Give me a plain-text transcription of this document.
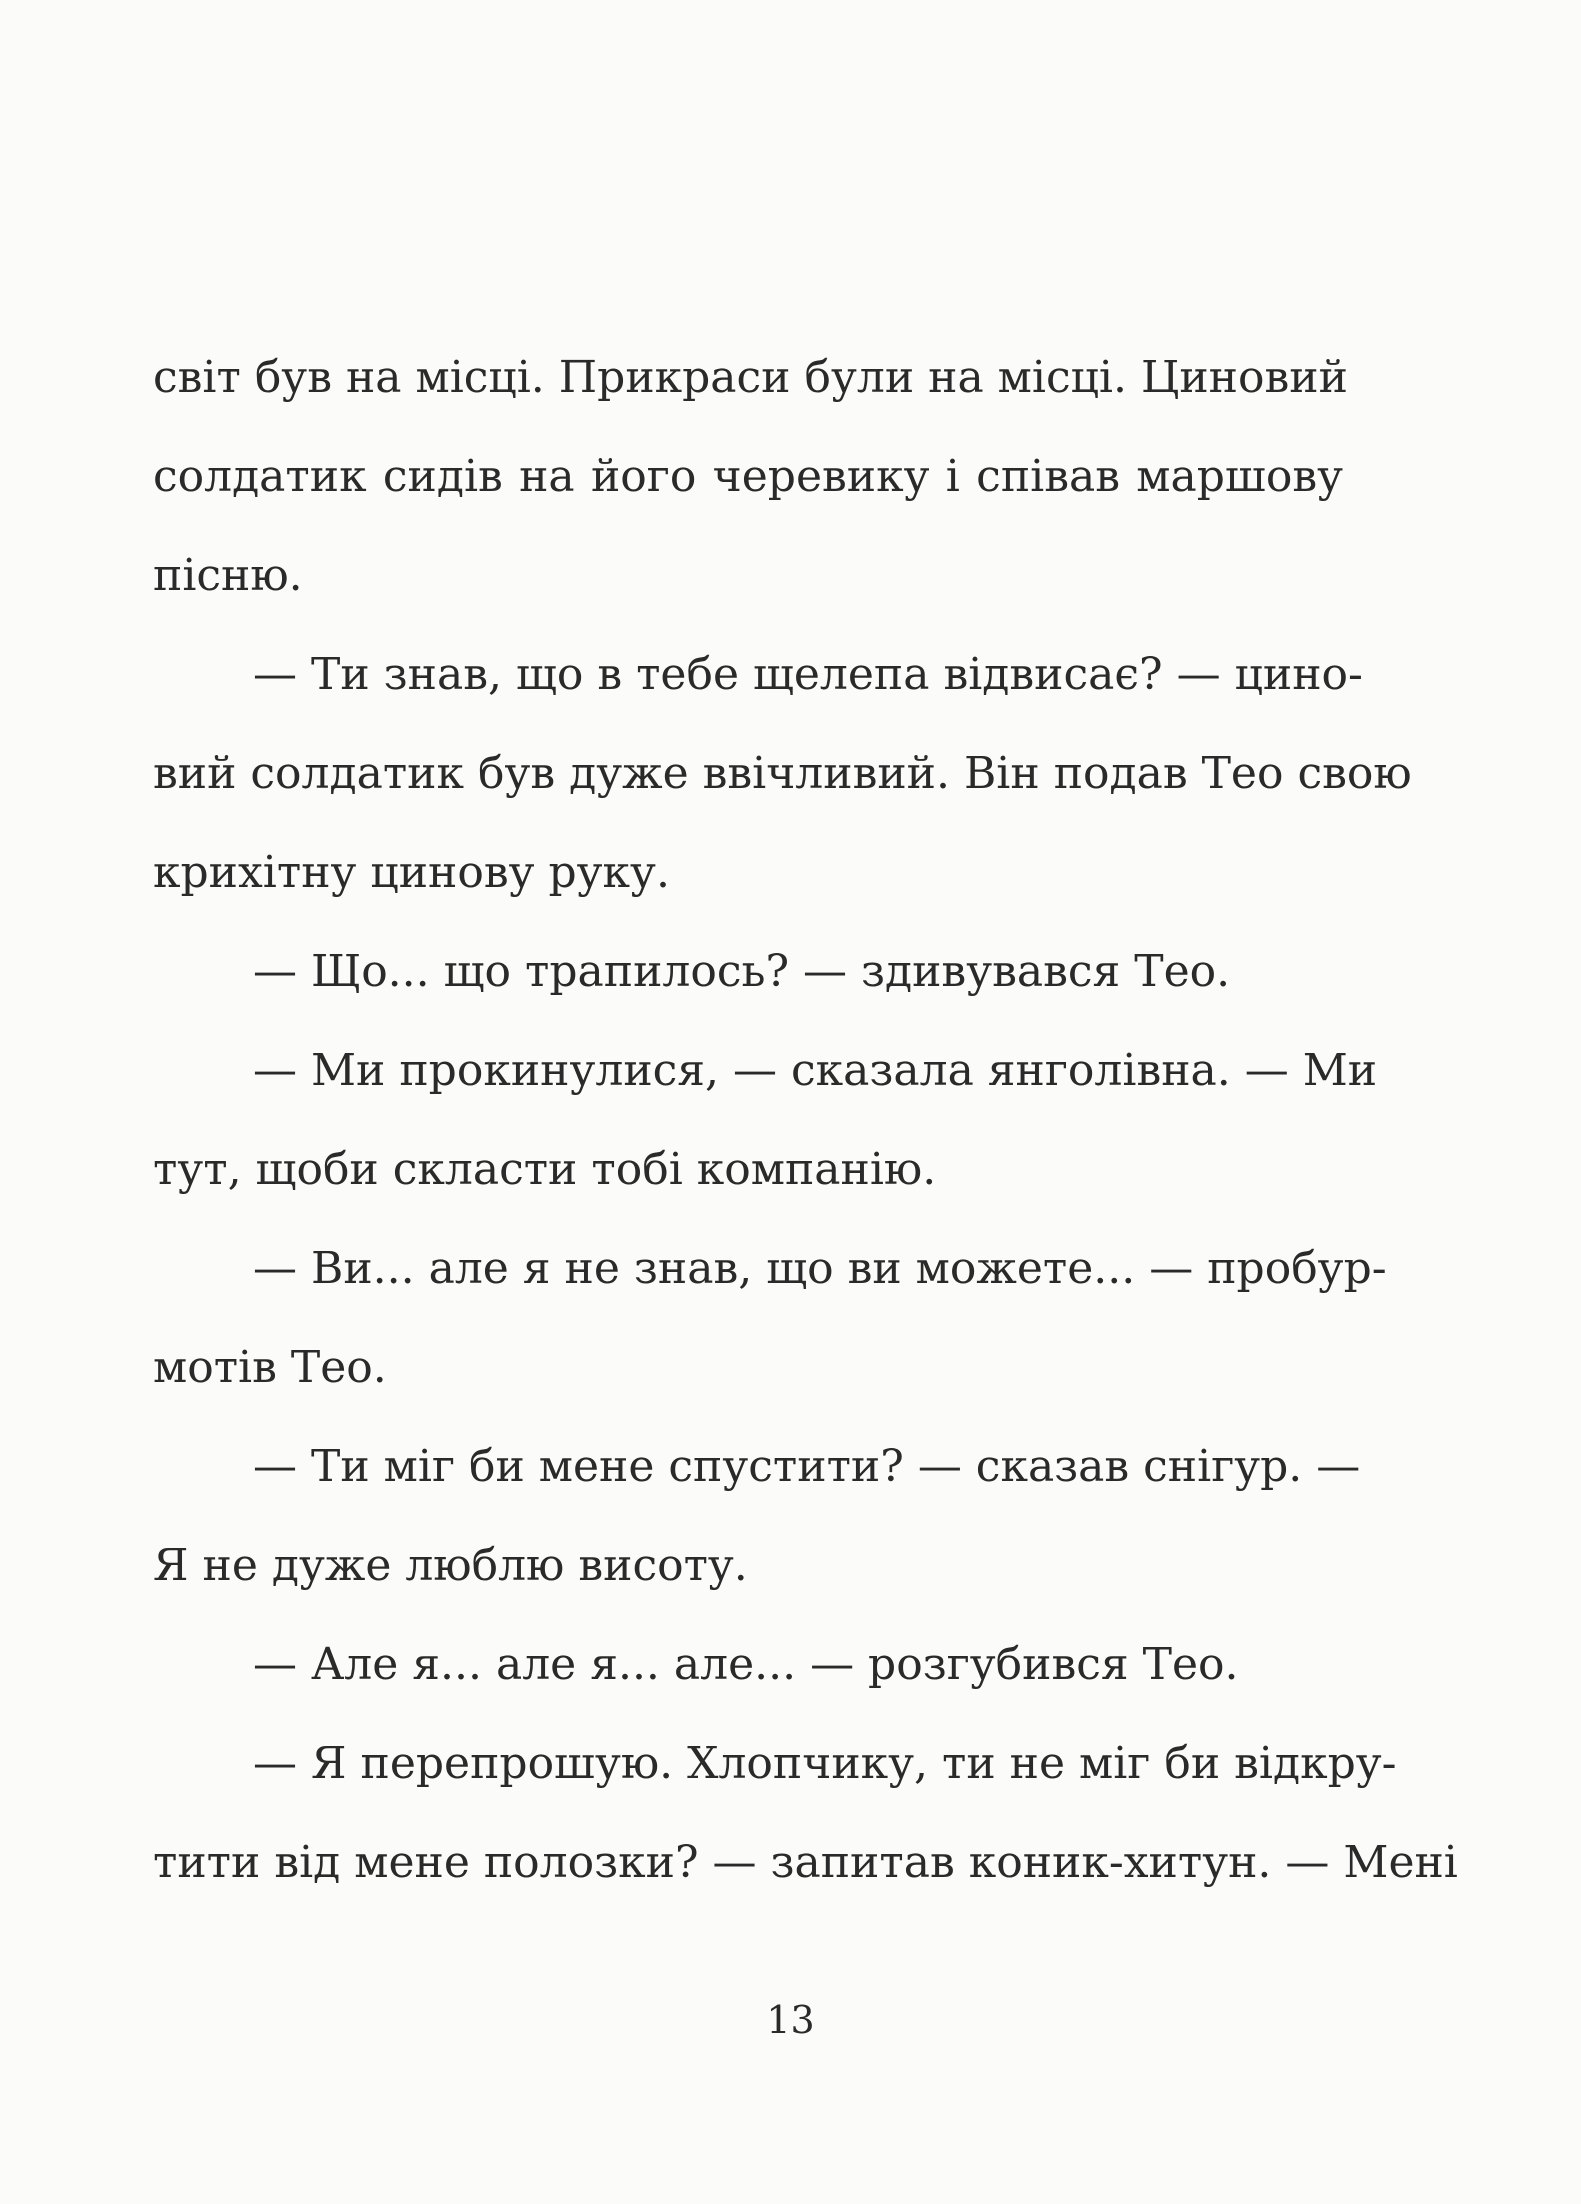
світ був на місці. Прикраси були на місці. Циновий
солдатик сидів на його черевику і співав маршову
пісню.
— Ти знав, що в тебе щелепа відвисає? — цино-
вий солдатик був дуже ввічливий. Він подав Тео свою
крихітну цинову руку.
— Що... що трапилось? — здивувався Тео.
— Ми прокинулися, — сказала янголівна. — Ми
тут, щоби скласти тобі компанію.
— Ви... але я не знав, що ви можете... — пробур-
мотів Тео.
— Ти міг би мене спустити? — сказав снігур. —
Я не дуже люблю висоту.
— Але я... але я... але... — розгубився Тео.
— Я перепрошую. Хлопчику, ти не міг би відкру-
тити від мене полозки? — запитав коник-хитун. — Мені
13
